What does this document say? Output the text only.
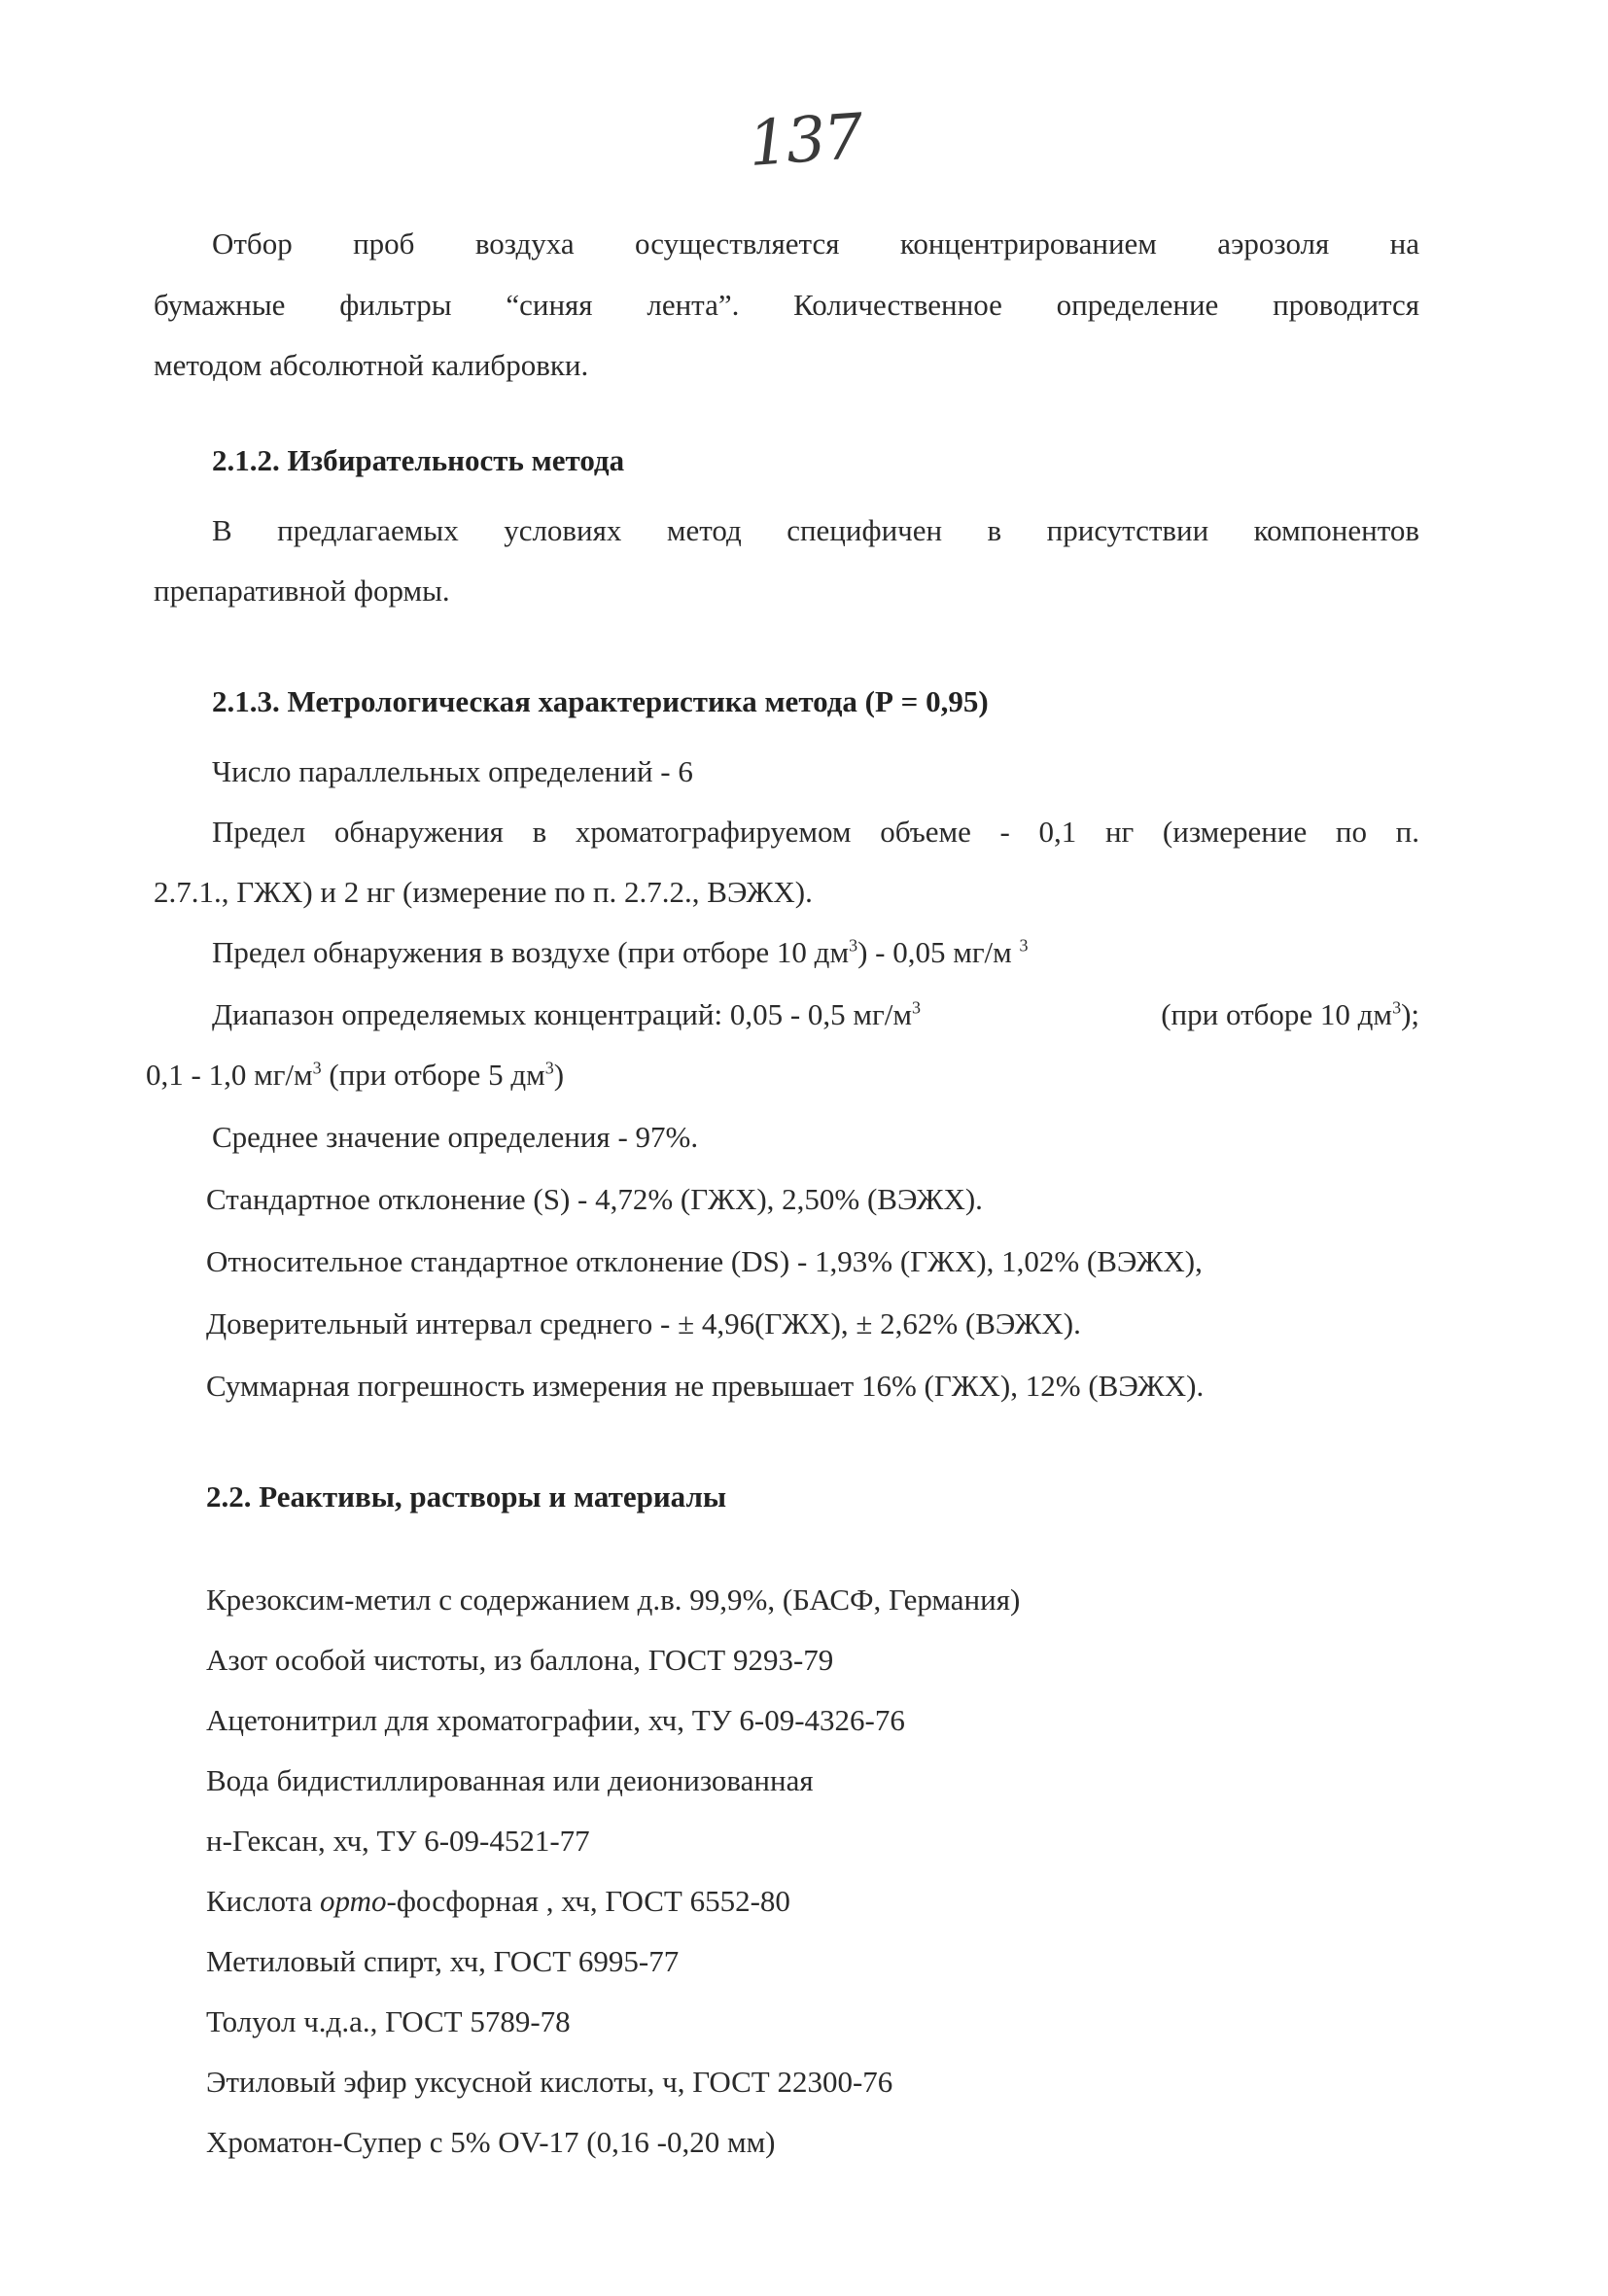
137
Отбор проб воздуха осуществляется концентрированием аэрозоля на
бумажные фильтры “синяя лента”. Количественное определение проводится
методом абсолютной калибровки.
2.1.2. Избирательность метода
В предлагаемых условиях метод специфичен в присутствии компонентов
препаративной формы.
2.1.3. Метрологическая характеристика метода (Р = 0,95)
Число параллельных определений - 6
Предел обнаружения в хроматографируемом объеме - 0,1 нг (измерение по п.
2.7.1., ГЖХ) и 2 нг (измерение по п. 2.7.2., ВЭЖХ).
Предел обнаружения в воздухе (при отборе 10 $дм^3) - 0,05$ мг/м $^3$
Диапазон определяемых концентраций: 0,05 - 0,5 $мг/м^3$	(при отборе 10 $дм^3$);
0,1 - 1,0 $мг/м^3$ (при отборе 5 $дм^3$)
Среднее значение определения - 97%.
Стандартное отклонение (S) - 4,72% (ГЖХ), 2,50% (ВЭЖХ).
Относительное стандартное отклонение (DS) - 1,93% (ГЖХ), 1,02% (ВЭЖХ),
Доверительный интервал среднего - ± 4,96(ГЖХ), ± 2,62% (ВЭЖХ).
Суммарная погрешность измерения не превышает 16% (ГЖХ), 12% (ВЭЖХ).
2.2. Реактивы, растворы и материалы
Крезоксим-метил с содержанием д.в. 99,9%, (БАСФ, Германия)
Азот особой чистоты, из баллона, ГОСТ 9293-79
Ацетонитрил для хроматографии, хч, ТУ 6-09-4326-76
Вода бидистиллированная или деионизованная
н-Гексан, хч, ТУ 6-09-4521-77
Кислота орто-фосфорная , хч, ГОСТ 6552-80
Метиловый спирт, хч, ГОСТ 6995-77
Толуол ч.д.а., ГОСТ 5789-78
Этиловый эфир уксусной кислоты, ч, ГОСТ 22300-76
Хроматон-Супер с 5% OV-17 (0,16 -0,20 мм)
